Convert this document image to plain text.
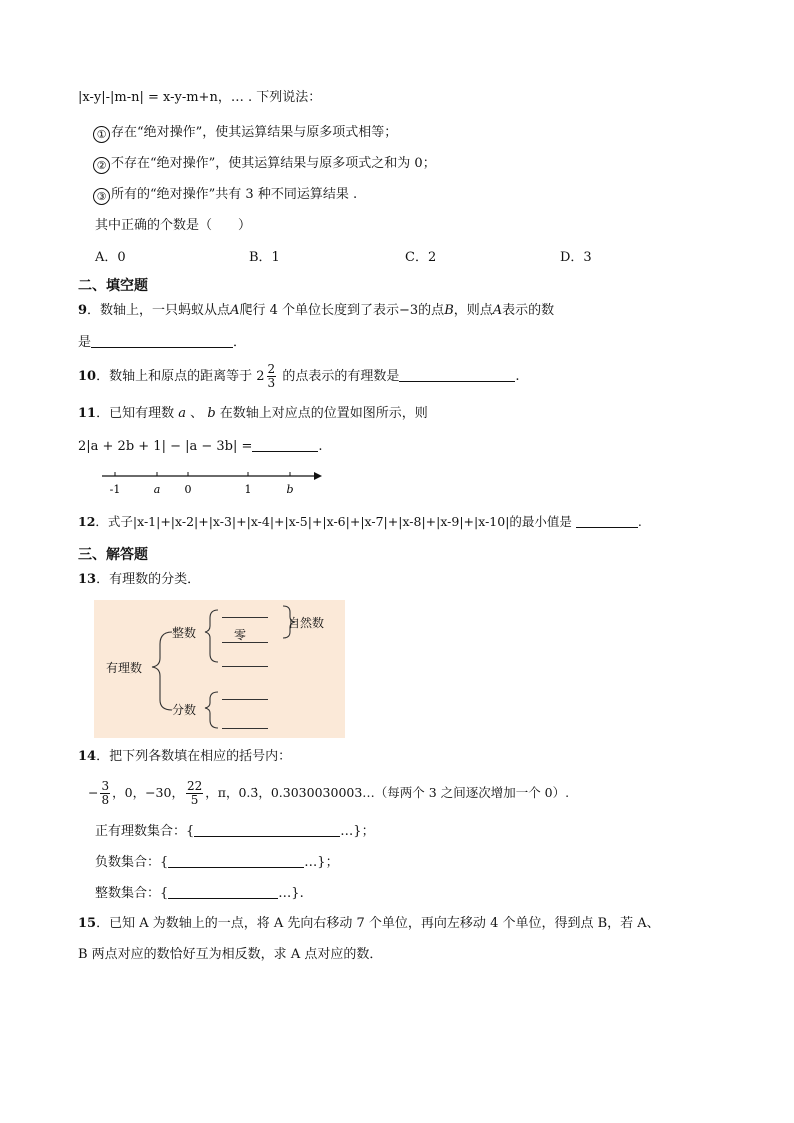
|x-y|-|m-n| = x-y-m+n，… . 下列说法：
① 存在“绝对操作”，使其运算结果与原多项式相等；
② 不存在“绝对操作”，使其运算结果与原多项式之和为 0；
③ 所有的“绝对操作”共有 3 种不同运算结果 .
其中正确的个数是（　　）
A．0	B．1	C．2	D．3
二、填空题
9．数轴上，一只蚂蚁从点A爬行 4 个单位长度到了表示−3的点B，则点A表示的数
是	．
10．数轴上和原点的距离等于 $2 \frac{2}{3}$ 的点表示的有理数是	.
11．已知有理数 a 、 b 在数轴上对应点的位置如图所示，则
2|a + 2b + 1| − |a − 3b| =	.
-1	a 0	1	b
12．式子|x-1|+|x-2|+|x-3|+|x-4|+|x-5|+|x-6|+|x-7|+|x-8|+|x-9|+|x-10|的最小值是	.
三、解答题
13．有理数的分类．
有理数
整数	零
自然数
分数
14．把下列各数填在相应的括号内：
− $\frac{3}{8}$ ，0，−30， $\frac{22}{5}$ ，π，0.3̇，0.3030030003…（每两个 3 之间逐次增加一个 0）.
正有理数集合：{	…}；
负数集合：{	…}；
整数集合：{	…}.
15．已知 A 为数轴上的一点，将 A 先向右移动 7 个单位，再向左移动 4 个单位，得到点 B，若 A、
B 两点对应的数恰好互为相反数，求 A 点对应的数．
